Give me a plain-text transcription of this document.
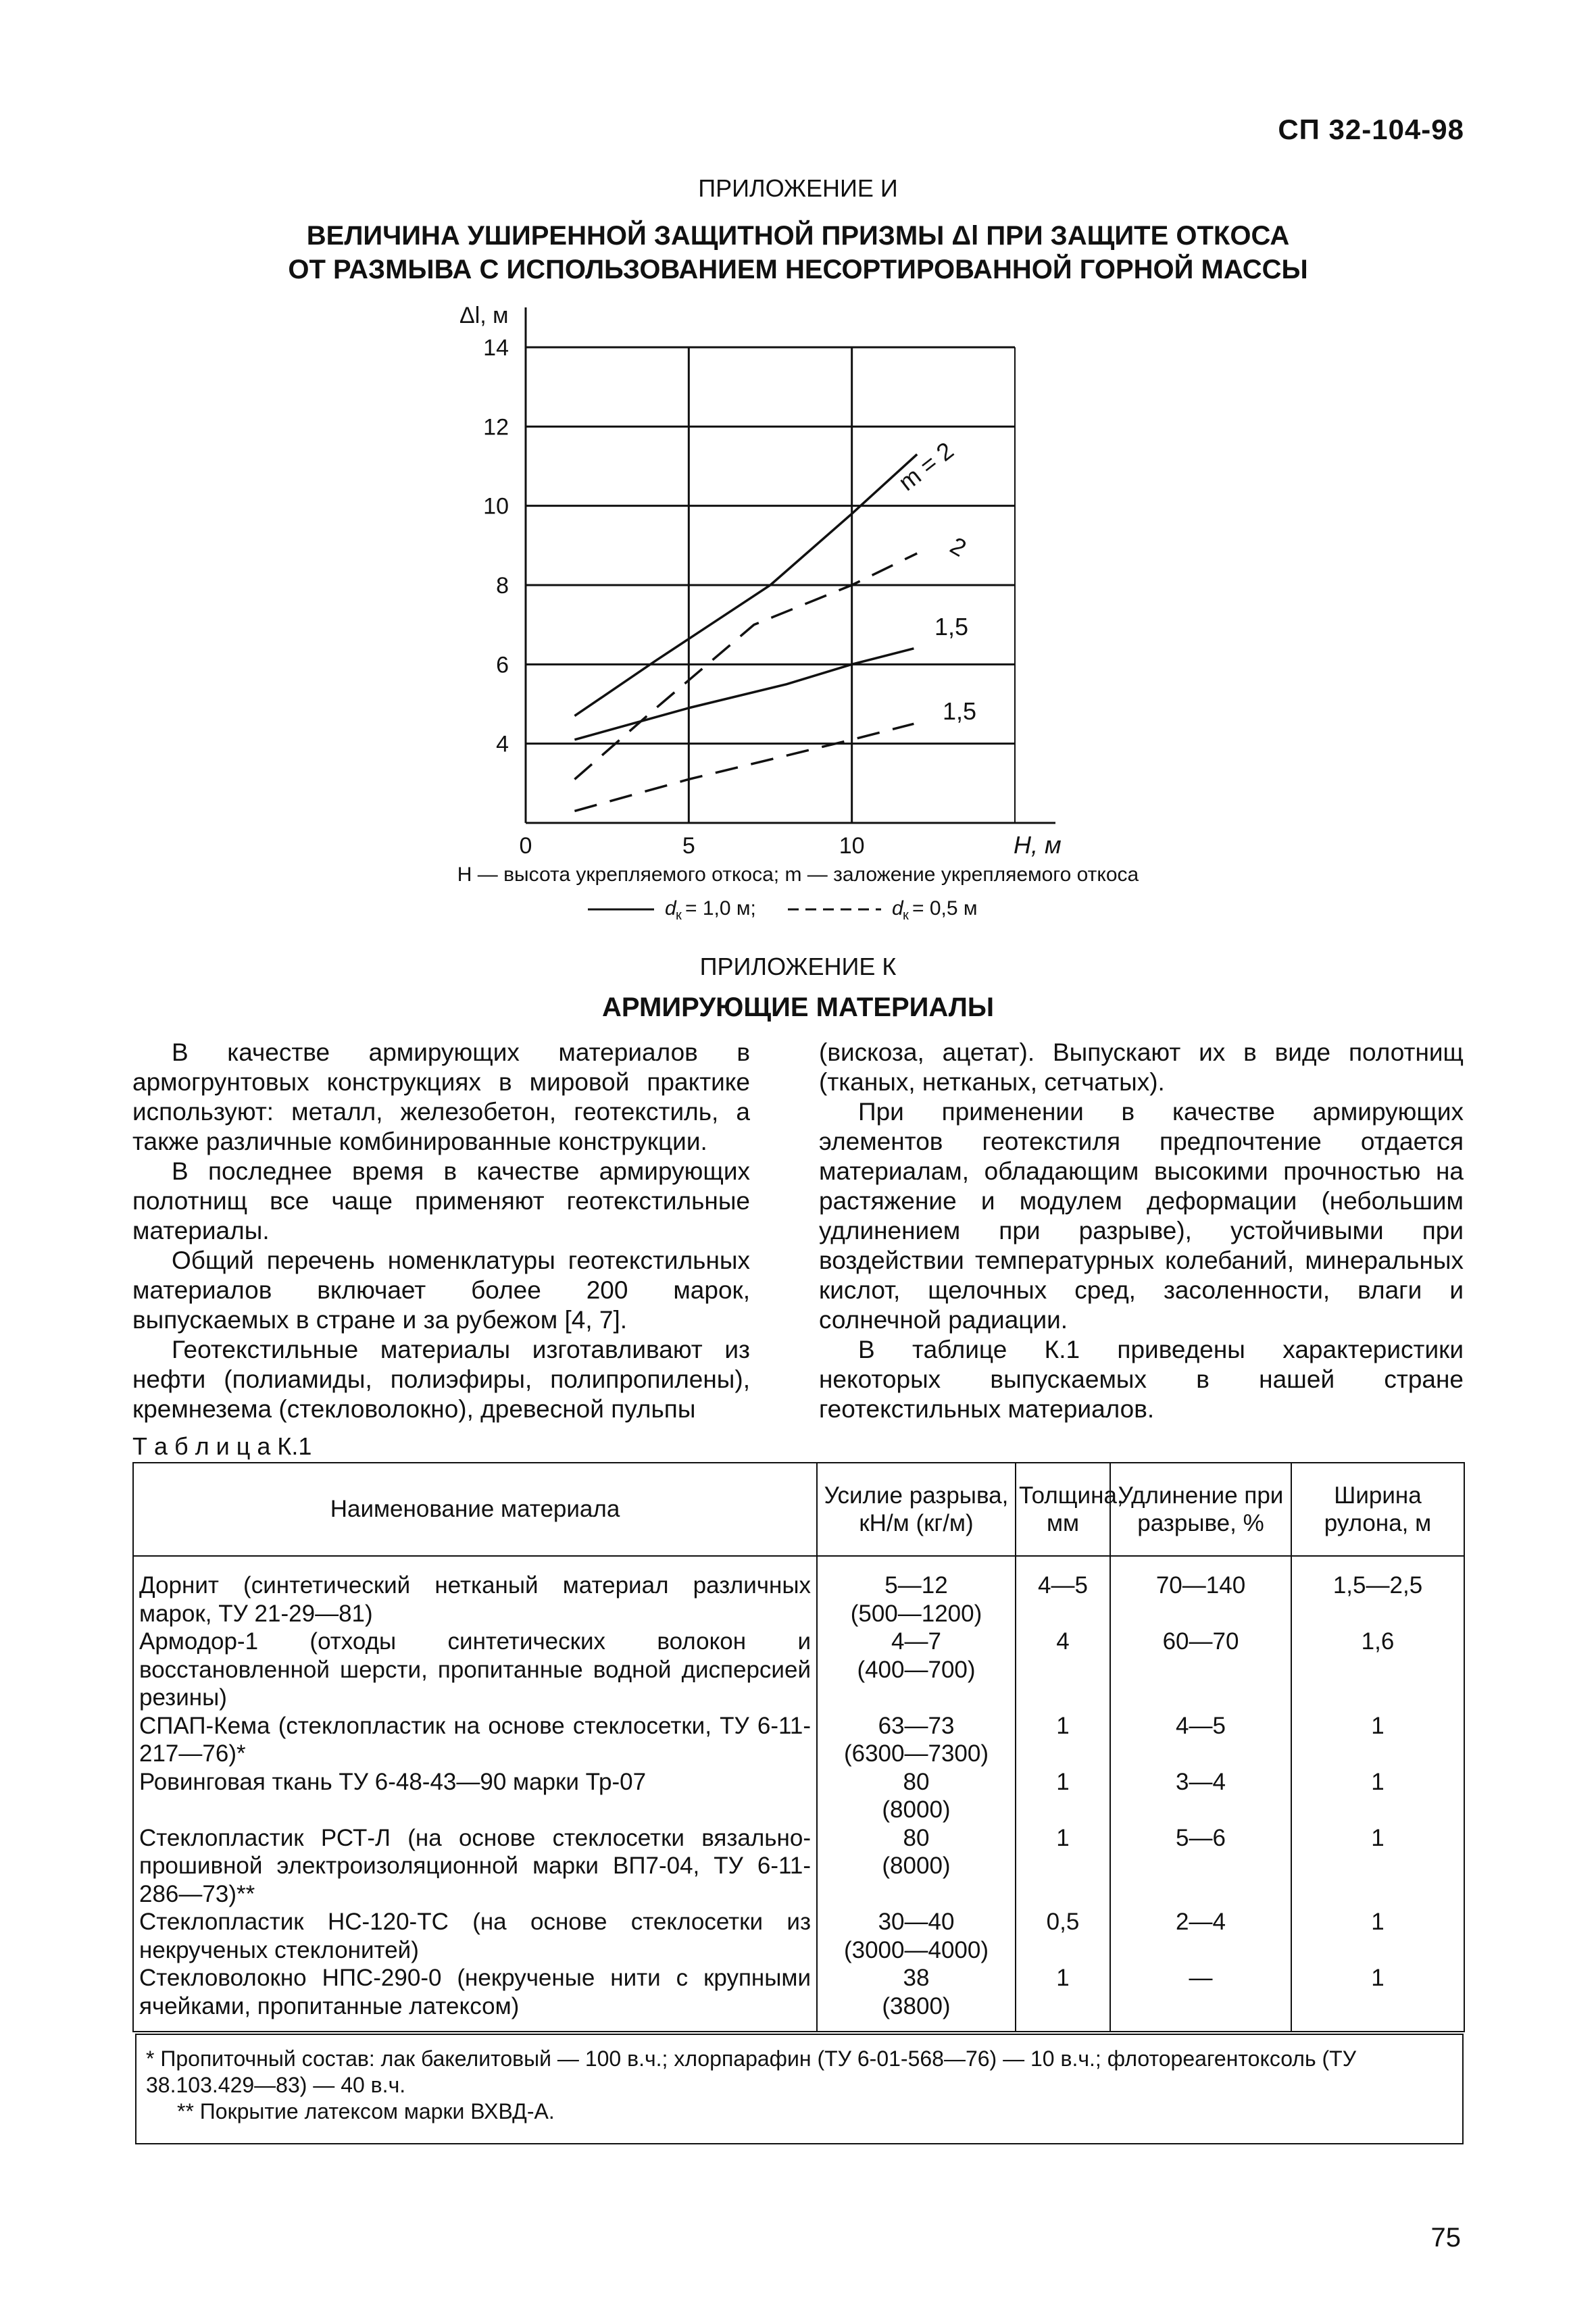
СП 32-104-98
ПРИЛОЖЕНИЕ И
ВЕЛИЧИНА УШИРЕННОЙ ЗАЩИТНОЙ ПРИЗМЫ Δl ПРИ ЗАЩИТЕ ОТКОСА
ОТ РАЗМЫВА С ИСПОЛЬЗОВАНИЕМ НЕСОРТИРОВАННОЙ ГОРНОЙ МАССЫ
4
6
8
10
12
14
0	5	10
m = 2
2
1,5
1,5
Δl, м
H, м
H — высота укрепляемого откоса; m — заложение укрепляемого откоса
d к = 1,0 м;	d к = 0,5 м
ПРИЛОЖЕНИЕ К
АРМИРУЮЩИЕ МАТЕРИАЛЫ

В качестве армирующих материалов в армогрунтовых конструкциях в мировой практике используют: металл, железобетон, геотекстиль, а также различные комбинированные конструкции.

В последнее время в качестве армирующих полотнищ все чаще применяют геотекстильные материалы.

Общий перечень номенклатуры геотекстильных материалов включает более 200 марок, выпускаемых в стране и за рубежом [4, 7].

Геотекстильные материалы изготавливают из нефти (полиамиды, полиэфиры, полипропилены), кремнезема (стекловолокно), древесной пульпы

(вискоза, ацетат). Выпускают их в виде полотнищ (тканых, нетканых, сетчатых).

При применении в качестве армирующих элементов геотекстиля предпочтение отдается материалам, обладающим высокими прочностью на растяжение и модулем деформации (небольшим удлинением при разрыве), устойчивыми при воздействии температурных колебаний, минеральных кислот, щелочных сред, засоленности, влаги и солнечной радиации.

В таблице К.1 приведены характеристики некоторых выпускаемых в нашей стране геотекстильных материалов.

Т а б л и ц а К.1
Наименование материала	Усилие разрыва, кН/м (кг/м)	Толщина, мм	Удлинение при разрыве, %	Ширина рулона, м
Дорнит (синтетический нетканый материал различных марок, ТУ 21-29—81)	5—12
(500—1200)	4—5	70—140	1,5—2,5
Армодор-1 (отходы синтетических волокон и восстановленной шерсти, пропитанные водной дисперсией резины)	4—7
(400—700)	4	60—70	1,6
СПАП-Кема (стеклопластик на основе стеклосетки, ТУ 6-11-217—76)*	63—73
(6300—7300)	1	4—5	1
Ровинговая ткань ТУ 6-48-43—90 марки Тр-07	80
(8000)	1	3—4	1
Стеклопластик РСТ-Л (на основе стеклосетки вязально-прошивной электроизоляционной марки ВП7-04, ТУ 6-11-286—73)**	80
(8000)	1	5—6	1
Стеклопластик НС-120-ТС (на основе стеклосетки из некрученых стеклонитей)	30—40
(3000—4000)	0,5	2—4	1
Стекловолокно НПС-290-0 (некрученые нити с крупными ячейками, пропитанные латексом)	38
(3800)	1	—	1
* Пропиточный состав: лак бакелитовый — 100 в.ч.; хлорпарафин (ТУ 6-01-568—76) — 10 в.ч.; флотореагентоксоль (ТУ 38.103.429—83) — 40 в.ч.
** Покрытие латексом марки ВХВД-А.
75
